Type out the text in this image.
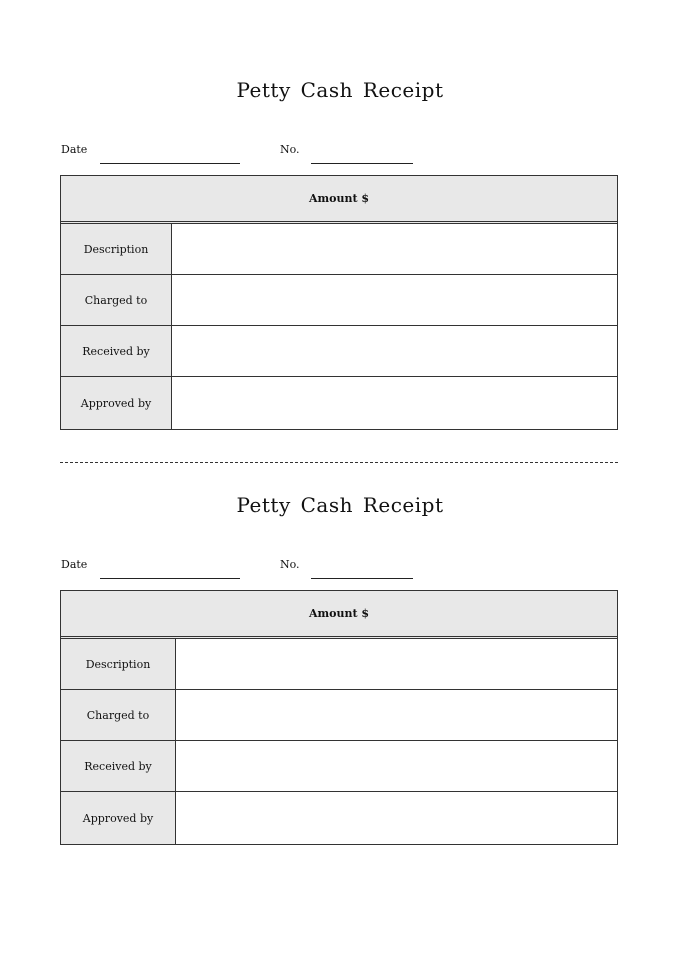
Petty Cash Receipt
Date	No.
Amount $
Description
Charged to
Received by
Approved by
Petty Cash Receipt
Date	No.
Amount $
Description
Charged to
Received by
Approved by
